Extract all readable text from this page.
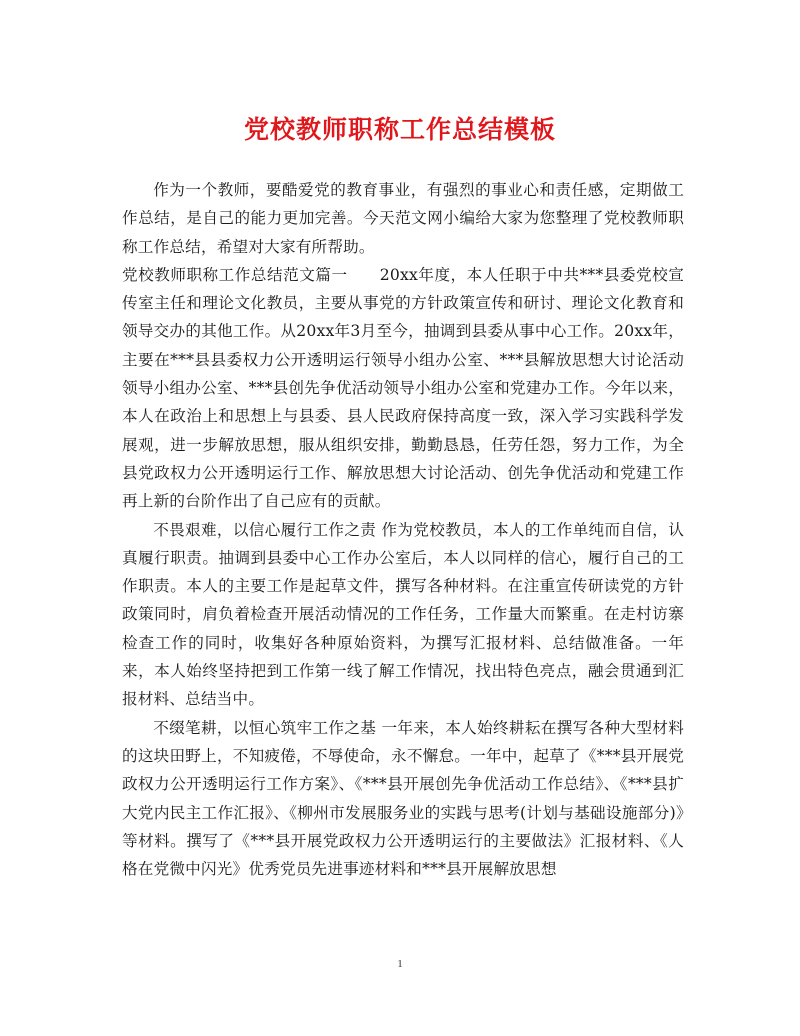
党校教师职称工作总结模板

作为一个教师，要酷爱党的教育事业，有强烈的事业心和责任感，定期做工作总结，是自己的能力更加完善。今天范文网小编给大家为您整理了党校教师职称工作总结，希望对大家有所帮助。

党校教师职称工作总结范文篇一　　20xx年度，本人任职于中共***县委党校宣传室主任和理论文化教员，主要从事党的方针政策宣传和研讨、理论文化教育和领导交办的其他工作。从20xx年3月至今，抽调到县委从事中心工作。20xx年，主要在***县县委权力公开透明运行领导小组办公室、***县解放思想大讨论活动领导小组办公室、***县创先争优活动领导小组办公室和党建办工作。今年以来，本人在政治上和思想上与县委、县人民政府保持高度一致，深入学习实践科学发展观，进一步解放思想，服从组织安排，勤勤恳恳，任劳任怨，努力工作，为全县党政权力公开透明运行工作、解放思想大讨论活动、创先争优活动和党建工作再上新的台阶作出了自己应有的贡献。

不畏艰难，以信心履行工作之责 作为党校教员，本人的工作单纯而自信，认真履行职责。抽调到县委中心工作办公室后，本人以同样的信心，履行自己的工作职责。本人的主要工作是起草文件，撰写各种材料。在注重宣传研读党的方针政策同时，肩负着检查开展活动情况的工作任务，工作量大而繁重。在走村访寨检查工作的同时，收集好各种原始资料，为撰写汇报材料、总结做准备。一年来，本人始终坚持把到工作第一线了解工作情况，找出特色亮点，融会贯通到汇报材料、总结当中。

不缀笔耕，以恒心筑牢工作之基 一年来，本人始终耕耘在撰写各种大型材料的这块田野上，不知疲倦，不辱使命，永不懈怠。一年中，起草了《***县开展党政权力公开透明运行工作方案》、《***县开展创先争优活动工作总结》、《***县扩大党内民主工作汇报》、《柳州市发展服务业的实践与思考(计划与基础设施部分)》等材料。撰写了《***县开展党政权力公开透明运行的主要做法》汇报材料、《人格在党微中闪光》优秀党员先进事迹材料和***县开展解放思想

1
